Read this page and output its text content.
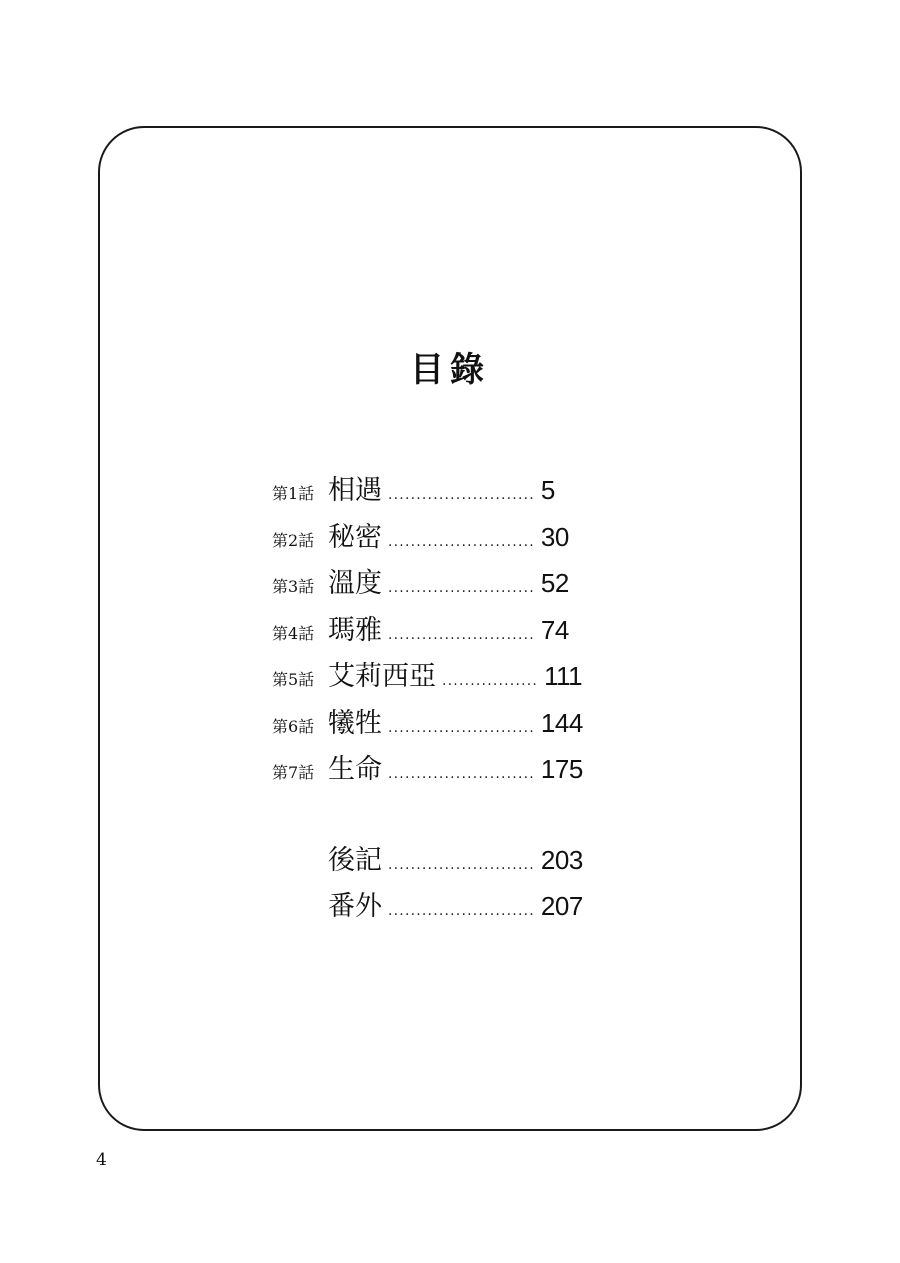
目錄
第1話 相遇 .......................... 5
第2話 秘密 .......................... 30
第3話 溫度 .......................... 52
第4話 瑪雅 .......................... 74
第5話 艾莉西亞 ................. 111
第6話 犧牲 .......................... 144
第7話 生命 .......................... 175
後記 .......................... 203
番外 .......................... 207
4
